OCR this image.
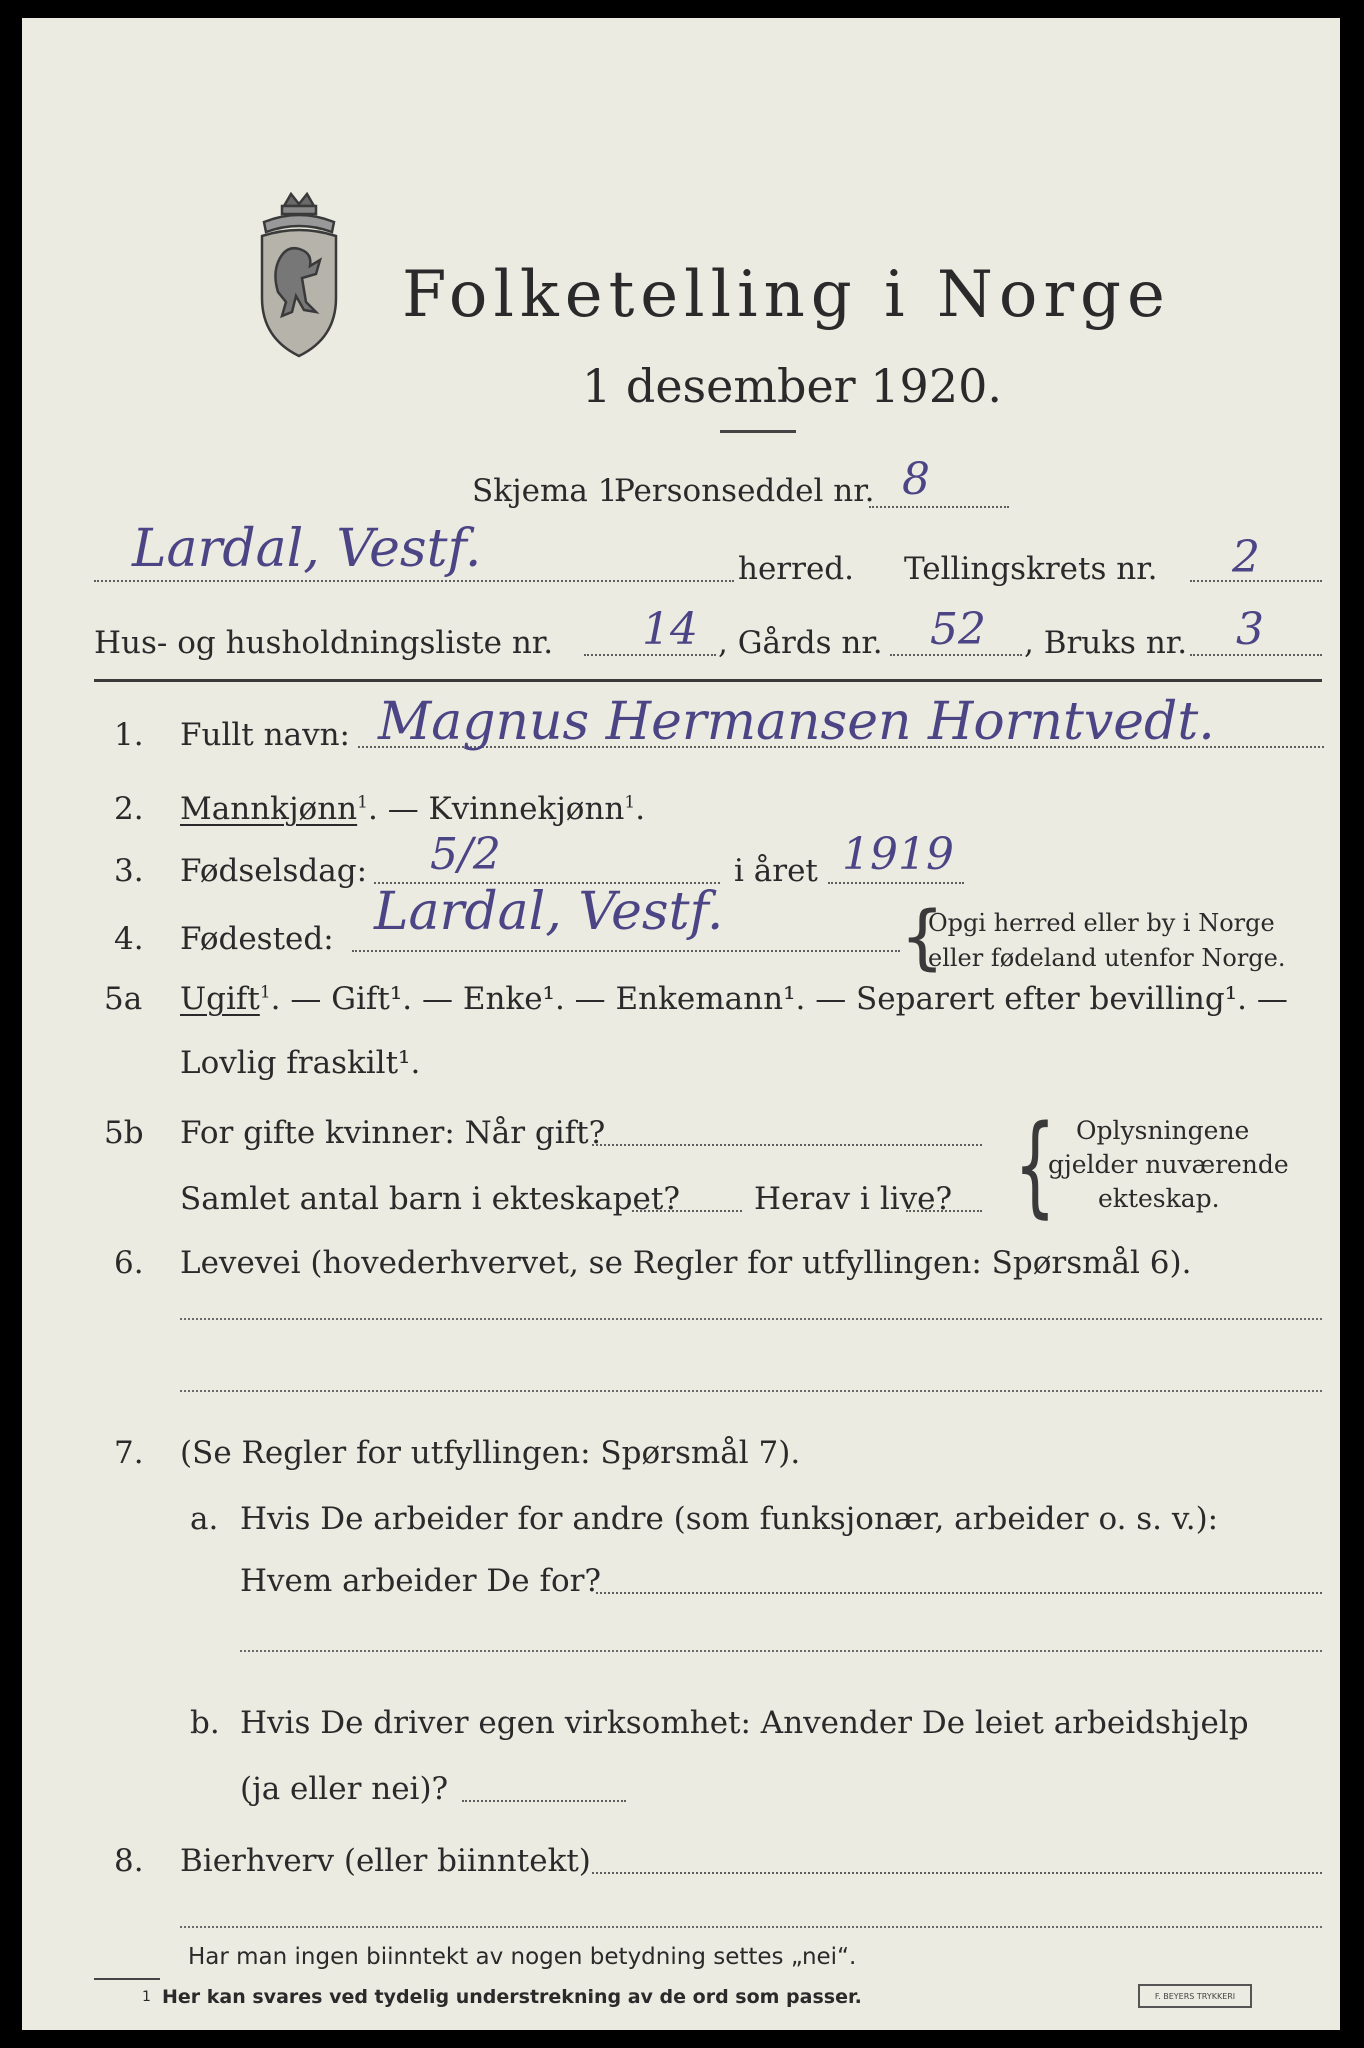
Folketelling i Norge
1 desember 1920.
Skjema 1.
Personseddel nr. 8
Lardal, Vestf.	herred. Tellingskrets nr. 2
Hus- og husholdningsliste nr. 14 , Gårds nr. 52 , Bruks nr. 3
1. Fullt navn: Magnus Hermansen Horntvedt.
2. Mannkjønn$^1$. — Kvinnekjønn$^1$.
3. Fødselsdag: 5/2	i året 1919
4. Fødested: Lardal, Vestf.	{
Opgi herred eller by i Norge
eller fødeland utenfor Norge.
5a Ugift$^1$. — Gift¹. — Enke¹. — Enkemann¹. — Separert efter bevilling¹. —
Lovlig fraskilt¹.
5b For gifte kvinner: Når gift?
Samlet antal barn i ekteskapet? Herav i live? { Oplysningene
gjelder nuværende
ekteskap.
6. Levevei (hovederhvervet, se Regler for utfyllingen: Spørsmål 6).
7. (Se Regler for utfyllingen: Spørsmål 7).
a. Hvis De arbeider for andre (som funksjonær, arbeider o. s. v.):
Hvem arbeider De for?
b. Hvis De driver egen virksomhet: Anvender De leiet arbeidshjelp
(ja eller nei)?
8. Bierhverv (eller biinntekt)
Har man ingen biinntekt av nogen betydning settes „nei“.
1 Her kan svares ved tydelig understrekning av de ord som passer.	F. BEYERS TRYKKERI
